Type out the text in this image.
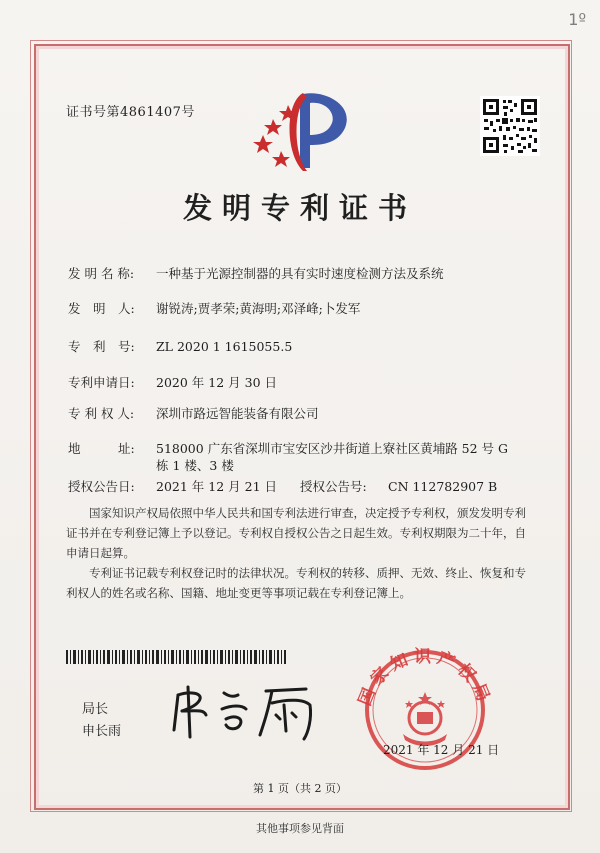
1º
证书号第4861407号
发明专利证书
发 明 名 称:	一种基于光源控制器的具有实时速度检测方法及系统
发　明　人:	谢锐涛;贾孝荣;黄海明;邓泽峰;卜发军
专　利　号:	ZL 2020 1 1615055.5
专利申请日:	2020 年 12 月 30 日
专 利 权 人:	深圳市路远智能装备有限公司
地　　　址:	518000 广东省深圳市宝安区沙井街道上寮社区黄埔路 52 号 G 栋 1 楼、3 楼
授权公告日:	2021 年 12 月 21 日	授权公告号:	CN 112782907 B
国家知识产权局依照中华人民共和国专利法进行审查，决定授予专利权，颁发发明专利证书并在专利登记簿上予以登记。专利权自授权公告之日起生效。专利权期限为二十年，自申请日起算。
专利证书记载专利权登记时的法律状况。专利权的转移、质押、无效、终止、恢复和专利权人的姓名或名称、国籍、地址变更等事项记载在专利登记簿上。
局长
申长雨
国家知识产权局
2021 年 12 月 21 日
第 1 页（共 2 页）
其他事项参见背面
